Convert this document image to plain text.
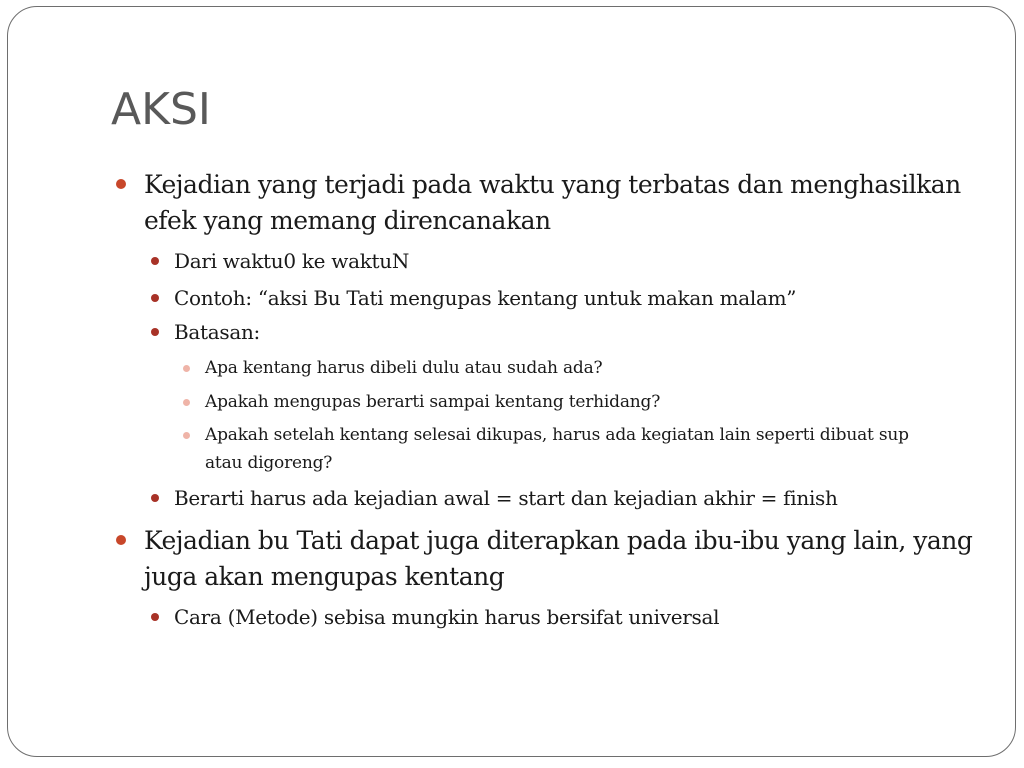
AKSI

Kejadian yang terjadi pada waktu yang terbatas dan menghasilkan

efek yang memang direncanakan

Dari waktu0 ke waktuN

Contoh: “aksi Bu Tati mengupas kentang untuk makan malam”

Batasan:

Apa kentang harus dibeli dulu atau sudah ada?

Apakah mengupas berarti sampai kentang terhidang?

Apakah setelah kentang selesai dikupas, harus ada kegiatan lain seperti dibuat sup

atau digoreng?

Berarti harus ada kejadian awal = start dan kejadian akhir = finish

Kejadian bu Tati dapat juga diterapkan pada ibu-ibu yang lain, yang

juga akan mengupas kentang

Cara (Metode) sebisa mungkin harus bersifat universal
